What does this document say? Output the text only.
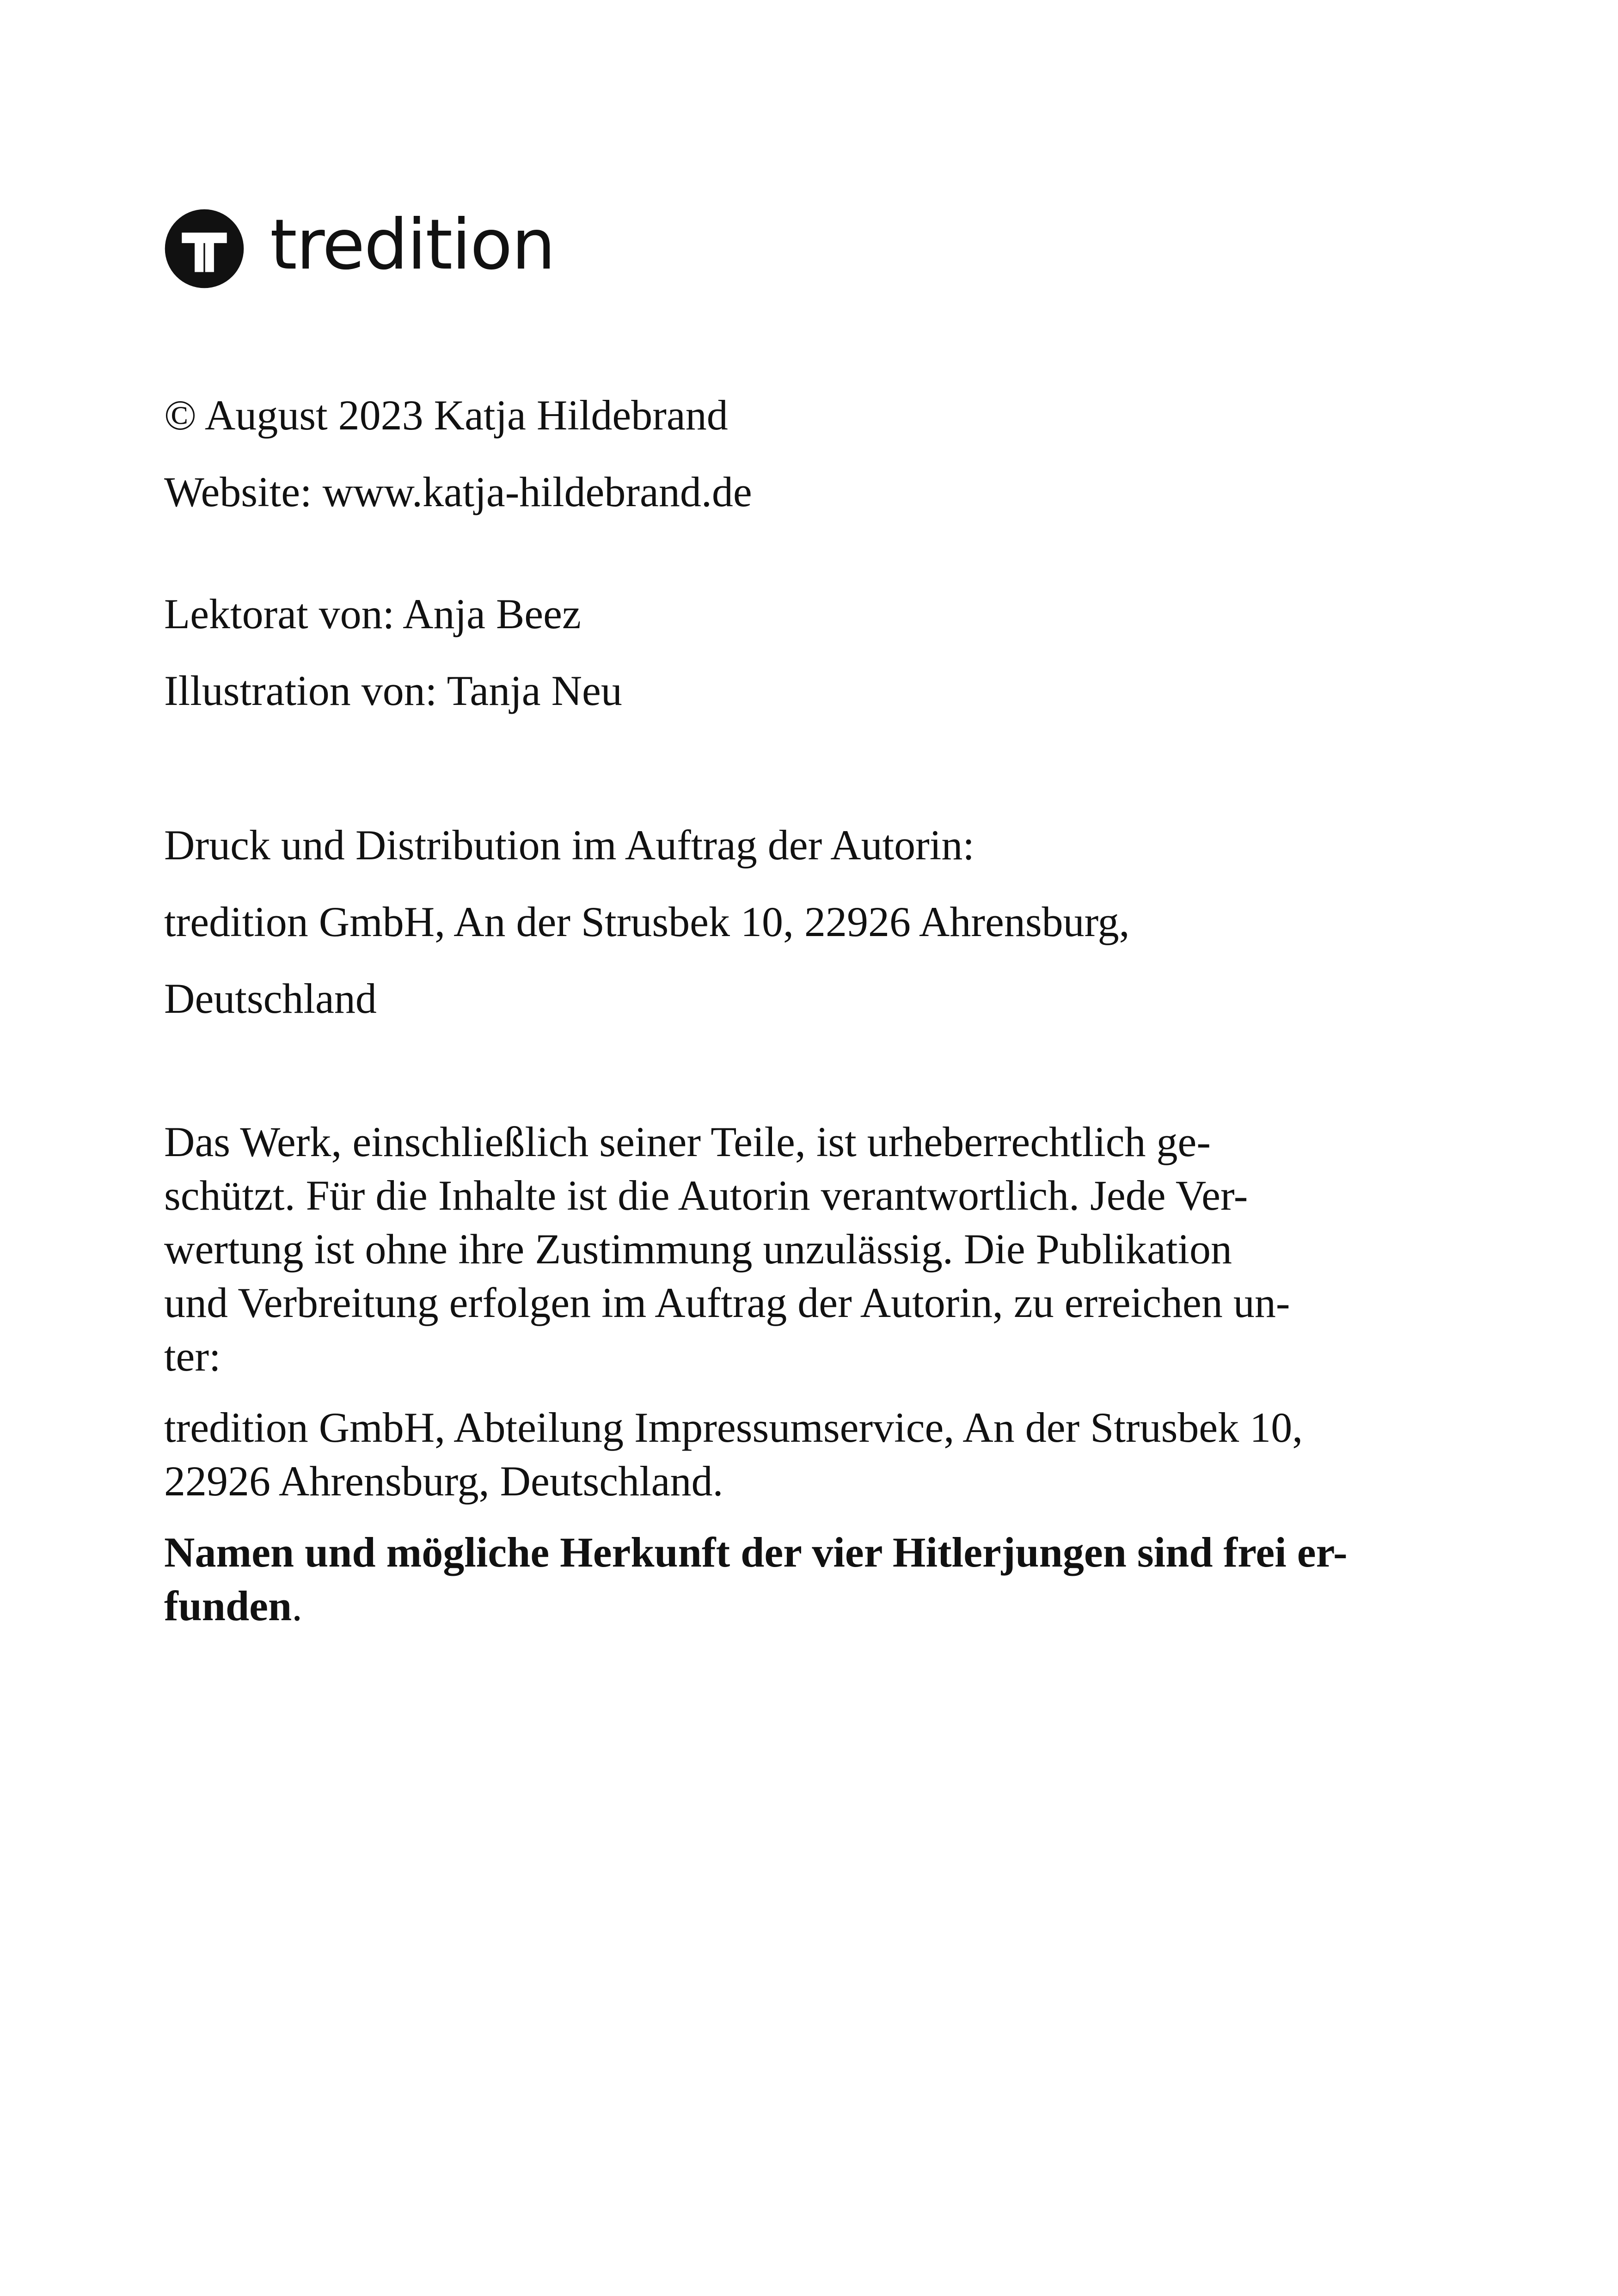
tredition
© August 2023 Katja Hildebrand
Website: www.katja-hildebrand.de
Lektorat von: Anja Beez
Illustration von: Tanja Neu
Druck und Distribution im Auftrag der Autorin:
tredition GmbH, An der Strusbek 10, 22926 Ahrensburg,
Deutschland
Das Werk, einschließlich seiner Teile, ist urheberrechtlich ge-
schützt. Für die Inhalte ist die Autorin verantwortlich. Jede Ver-
wertung ist ohne ihre Zustimmung unzulässig. Die Publikation
und Verbreitung erfolgen im Auftrag der Autorin, zu erreichen un-
ter:
tredition GmbH, Abteilung Impressumservice, An der Strusbek 10,
22926 Ahrensburg, Deutschland.
Namen und mögliche Herkunft der vier Hitlerjungen sind frei er-
funden.
